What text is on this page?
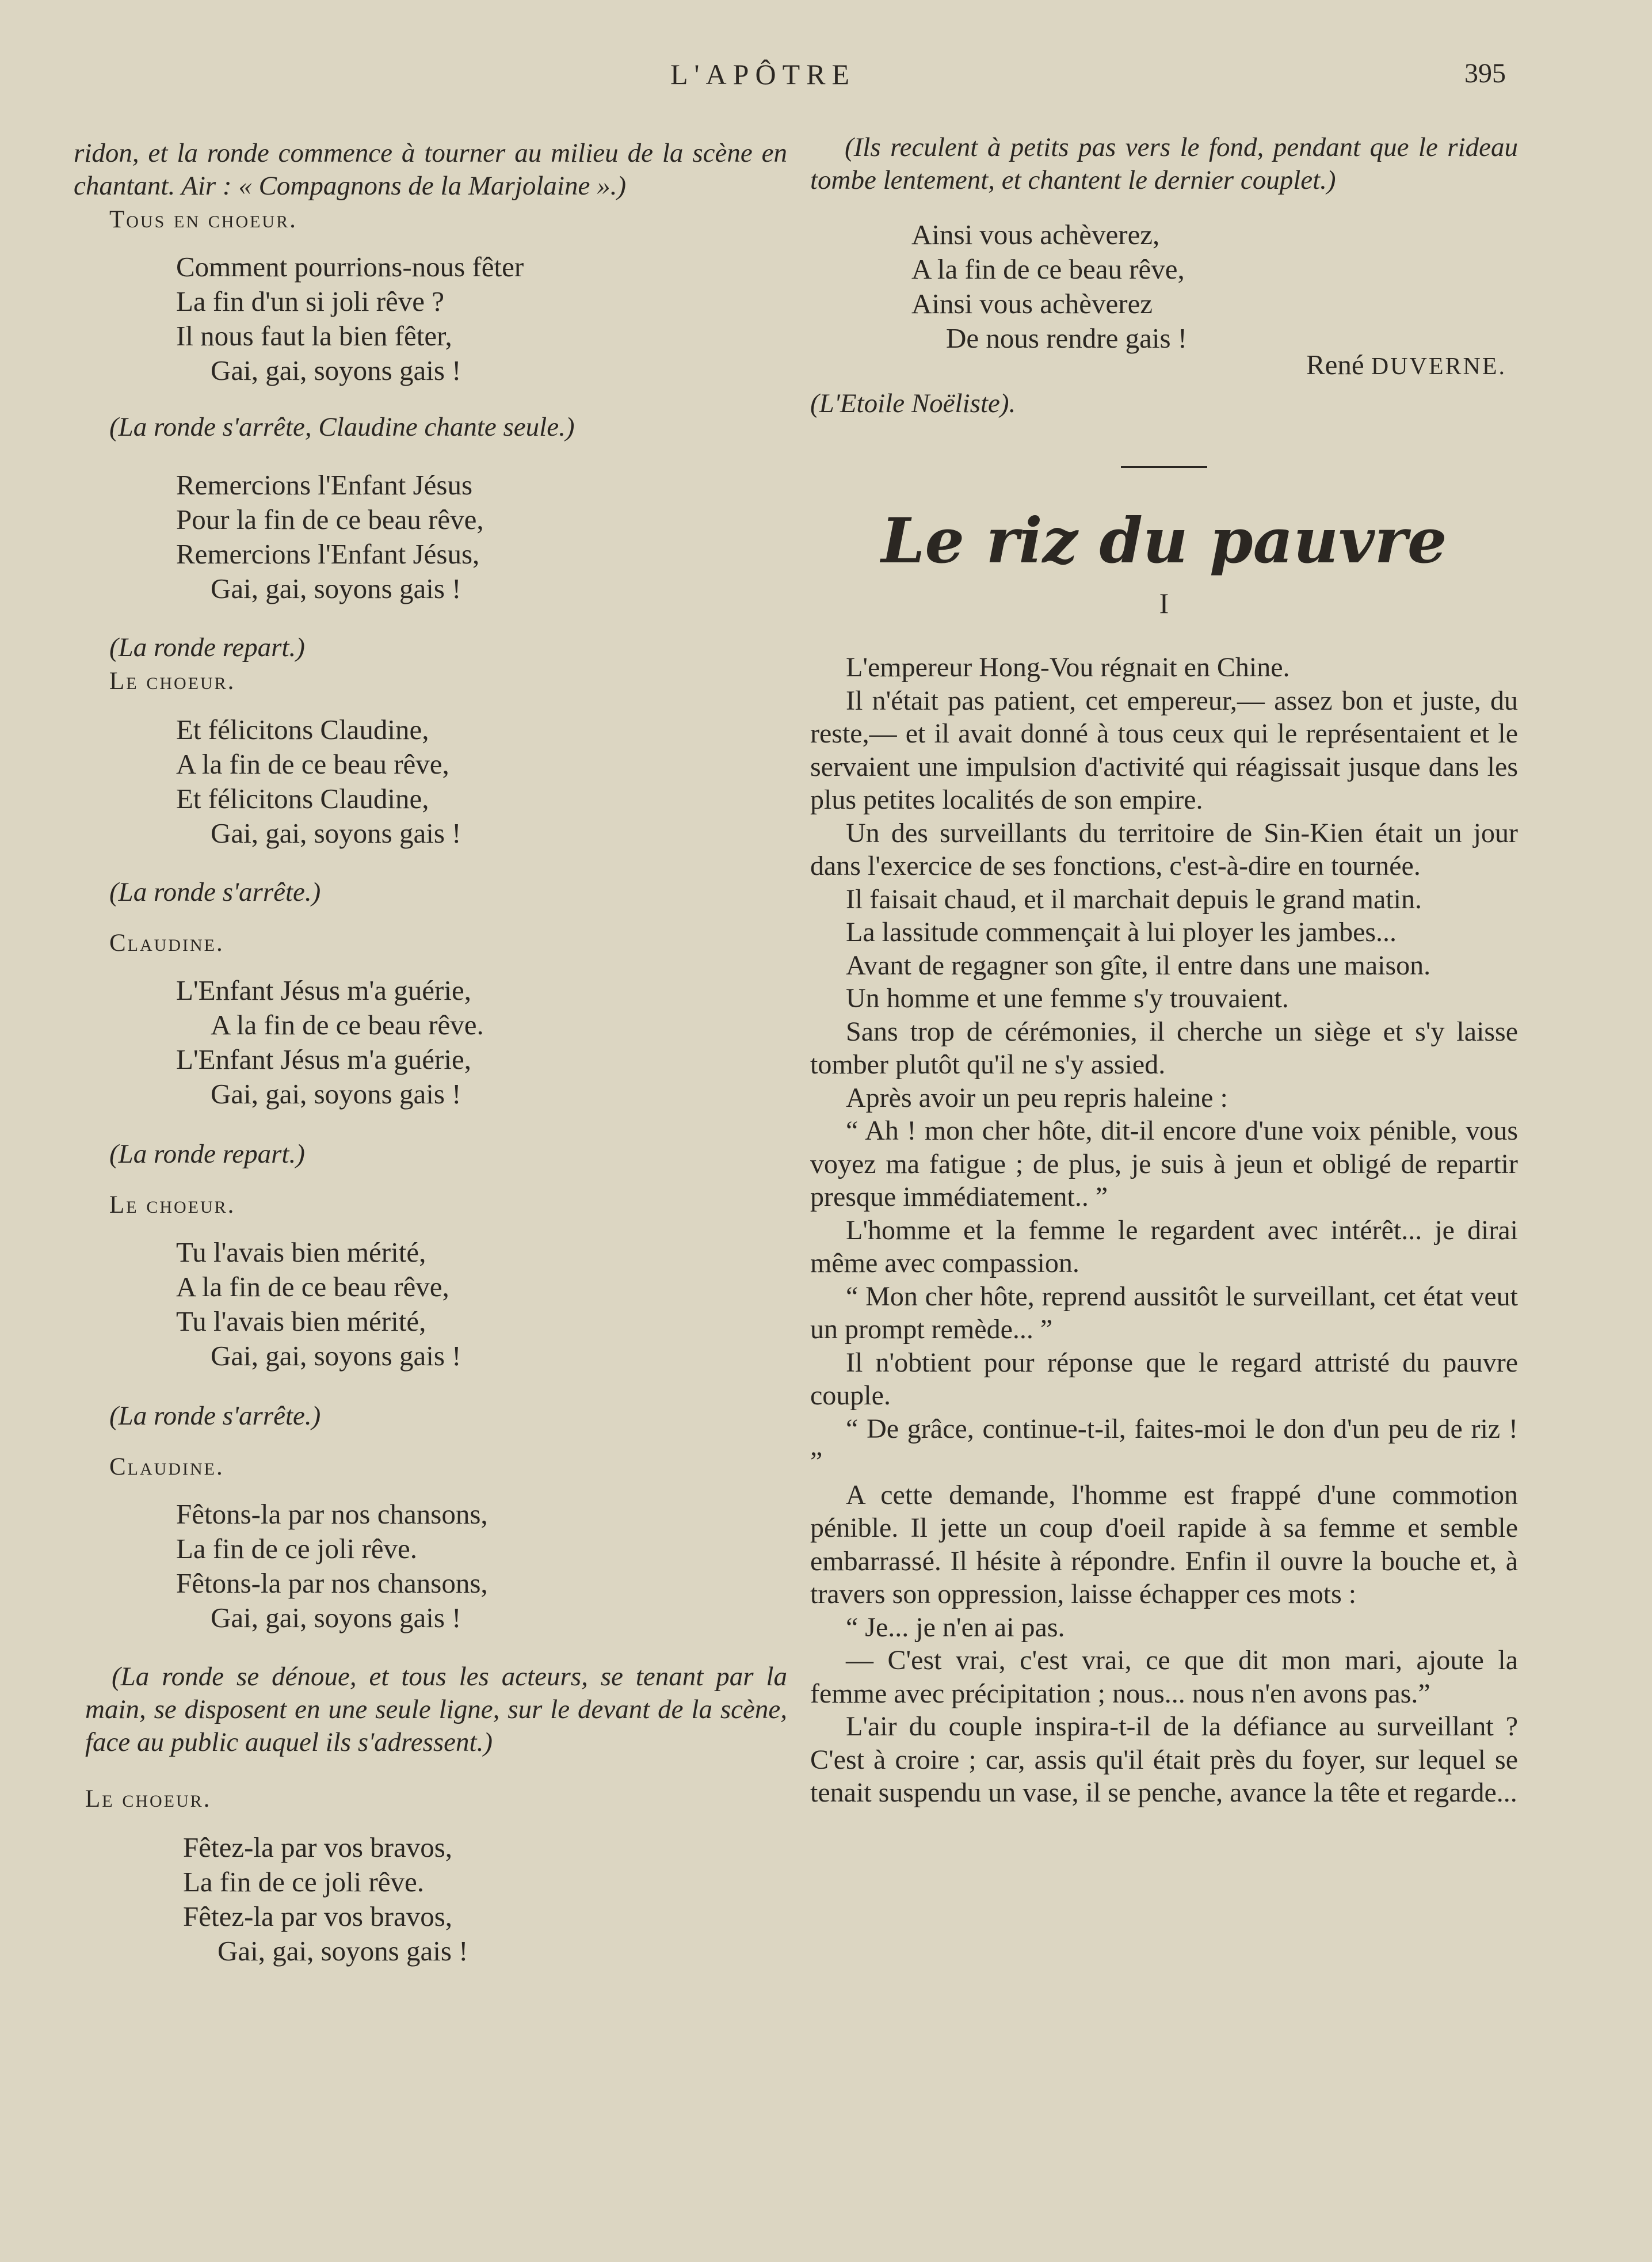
L'APÔTRE	395

ridon, et la ronde commence à tourner au milieu de la scène en chantant. Air : « Compagnons de la Marjolaine ».)

Tous en choeur.

Comment pourrions-nous fêter
La fin d'un si joli rêve ?
Il nous faut la bien fêter,
Gai, gai, soyons gais !

(La ronde s'arrête, Claudine chante seule.)

Remercions l'Enfant Jésus
Pour la fin de ce beau rêve,
Remercions l'Enfant Jésus,
Gai, gai, soyons gais !

(La ronde repart.)

Le choeur.

Et félicitons Claudine,
A la fin de ce beau rêve,
Et félicitons Claudine,
Gai, gai, soyons gais !

(La ronde s'arrête.)

Claudine.

L'Enfant Jésus m'a guérie,
A la fin de ce beau rêve.
L'Enfant Jésus m'a guérie,
Gai, gai, soyons gais !

(La ronde repart.)

Le choeur.

Tu l'avais bien mérité,
A la fin de ce beau rêve,
Tu l'avais bien mérité,
Gai, gai, soyons gais !

(La ronde s'arrête.)

Claudine.

Fêtons-la par nos chansons,
La fin de ce joli rêve.
Fêtons-la par nos chansons,
Gai, gai, soyons gais !

(La ronde se dénoue, et tous les acteurs, se tenant par la main, se disposent en une seule ligne, sur le devant de la scène, face au public auquel ils s'adressent.)

Le choeur.

Fêtez-la par vos bravos,
La fin de ce joli rêve.
Fêtez-la par vos bravos,
Gai, gai, soyons gais !

(Ils reculent à petits pas vers le fond, pendant que le rideau tombe lentement, et chantent le dernier couplet.)

Ainsi vous achèverez,
A la fin de ce beau rêve,
Ainsi vous achèverez
De nous rendre gais !
René DUVERNE.

(L'Etoile Noëliste).

Le riz du pauvre
I

L'empereur Hong-Vou régnait en Chine.

Il n'était pas patient, cet empereur,— assez bon et juste, du reste,— et il avait donné à tous ceux qui le représentaient et le servaient une impulsion d'activité qui réagissait jusque dans les plus petites localités de son empire.

Un des surveillants du territoire de Sin-Kien était un jour dans l'exercice de ses fonctions, c'est-à-dire en tournée.

Il faisait chaud, et il marchait depuis le grand matin.

La lassitude commençait à lui ployer les jambes...

Avant de regagner son gîte, il entre dans une maison.

Un homme et une femme s'y trouvaient.

Sans trop de cérémonies, il cherche un siège et s'y laisse tomber plutôt qu'il ne s'y assied.

Après avoir un peu repris haleine :

“ Ah ! mon cher hôte, dit-il encore d'une voix pénible, vous voyez ma fatigue ; de plus, je suis à jeun et obligé de repartir presque immédiatement.. ”

L'homme et la femme le regardent avec intérêt... je dirai même avec compassion.

“ Mon cher hôte, reprend aussitôt le surveillant, cet état veut un prompt remède... ”

Il n'obtient pour réponse que le regard attristé du pauvre couple.

“ De grâce, continue-t-il, faites-moi le don d'un peu de riz ! ”

A cette demande, l'homme est frappé d'une commotion pénible. Il jette un coup d'oeil rapide à sa femme et semble embarrassé. Il hésite à répondre. Enfin il ouvre la bouche et, à travers son oppression, laisse échapper ces mots :

“ Je... je n'en ai pas.

— C'est vrai, c'est vrai, ce que dit mon mari, ajoute la femme avec précipitation ; nous... nous n'en avons pas.”

L'air du couple inspira-t-il de la défiance au surveillant ? C'est à croire ; car, assis qu'il était près du foyer, sur lequel se tenait suspendu un vase, il se penche, avance la tête et regarde...
